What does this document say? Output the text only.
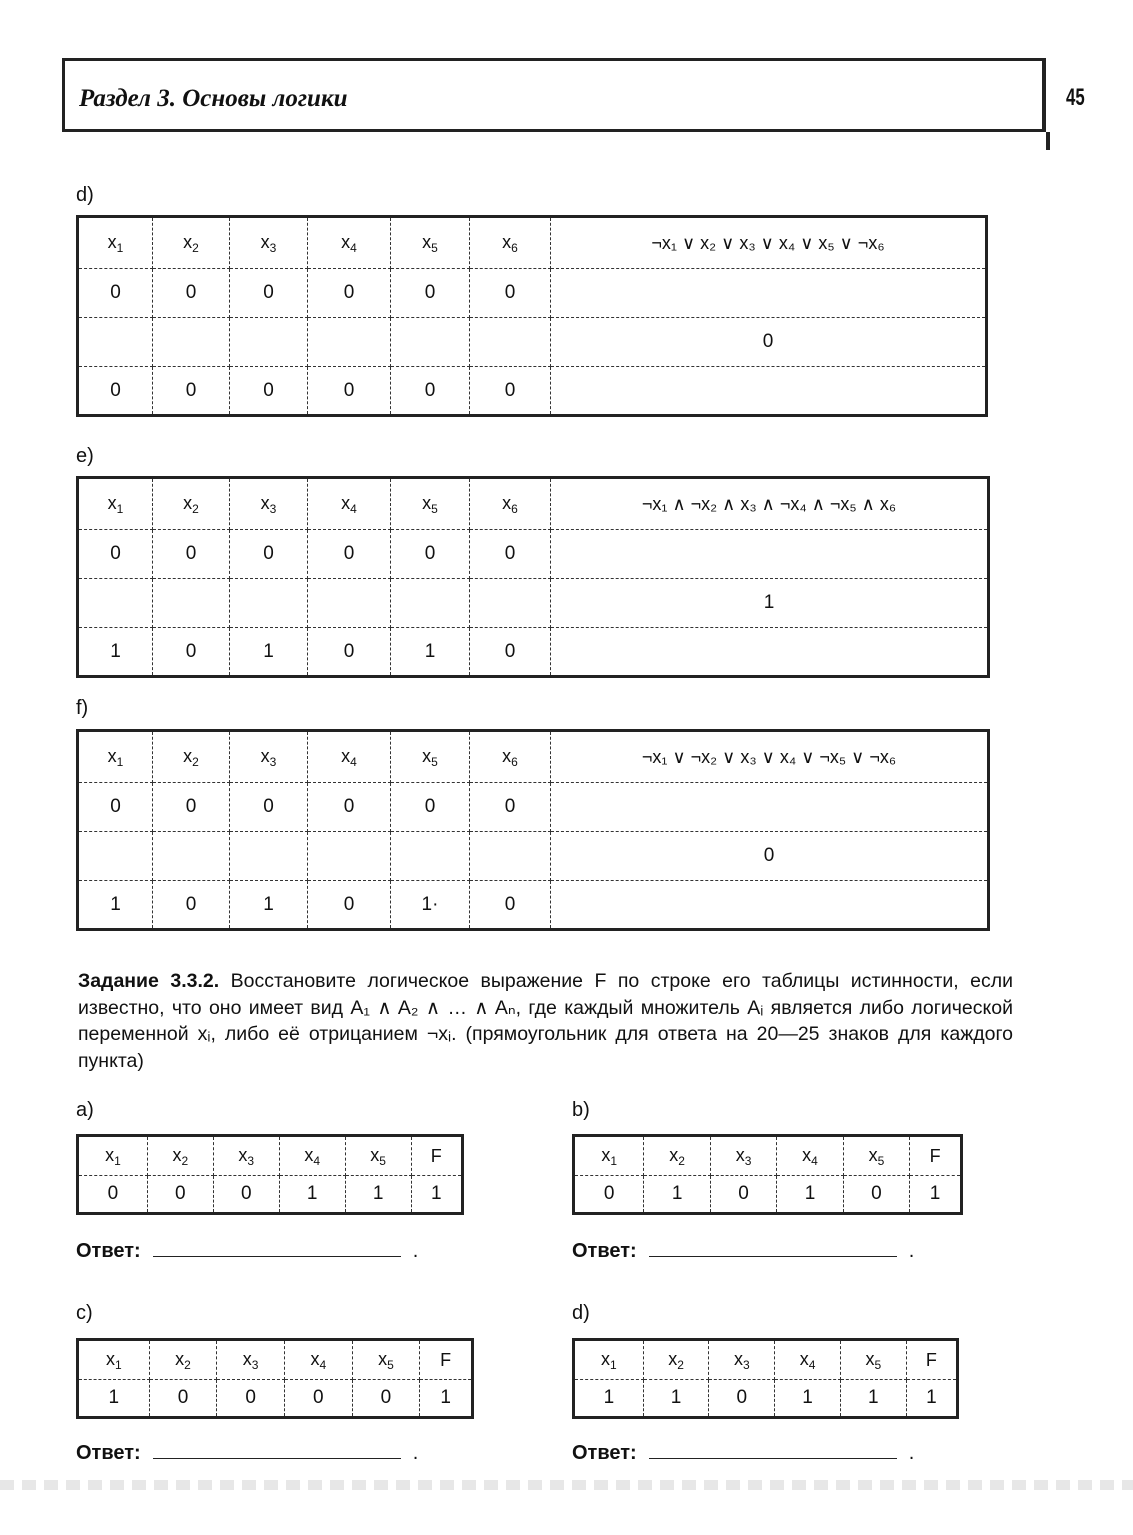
Раздел 3. Основы логики	45
d)
$x_1$	$x_2$	$x_3$	$x_4$	$x_5$	$x_6$	¬x₁ ∨ x₂ ∨ x₃ ∨ x₄ ∨ x₅ ∨ ¬x₆
0	0	0	0	0	0	
						0
0	0	0	0	0	0	
e)
$x_1$	$x_2$	$x_3$	$x_4$	$x_5$	$x_6$	¬x₁ ∧ ¬x₂ ∧ x₃ ∧ ¬x₄ ∧ ¬x₅ ∧ x₆
0	0	0	0	0	0	
						1
1	0	1	0	1	0	
f)
$x_1$	$x_2$	$x_3$	$x_4$	$x_5$	$x_6$	¬x₁ ∨ ¬x₂ ∨ x₃ ∨ x₄ ∨ ¬x₅ ∨ ¬x₆
0	0	0	0	0	0	
						0
1	0	1	0	1·	0	
Задание 3.3.2. Восстановите логическое выражение F по строке его таблицы истинности, если известно, что оно имеет вид A₁ ∧ A₂ ∧ … ∧ Aₙ, где каждый множитель Aᵢ является либо логической переменной xᵢ, либо её отрицанием ¬xᵢ. (прямоугольник для ответа на 20—25 знаков для каждого пункта)
a)
$x_1$	$x_2$	$x_3$	$x_4$	$x_5$	F
0	0	0	1	1	1
Ответ:	.
b)
$x_1$	$x_2$	$x_3$	$x_4$	$x_5$	F
0	1	0	1	0	1
Ответ:	.
c)
$x_1$	$x_2$	$x_3$	$x_4$	$x_5$	F
1	0	0	0	0	1
Ответ:	.
d)
$x_1$	$x_2$	$x_3$	$x_4$	$x_5$	F
1	1	0	1	1	1
Ответ:	.
